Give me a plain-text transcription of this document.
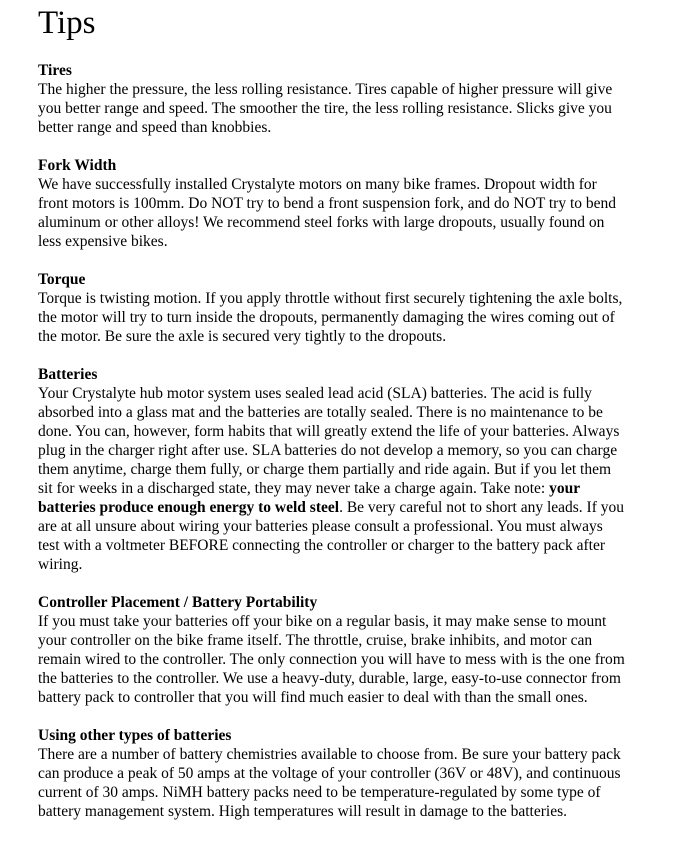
Tips
Tires

The higher the pressure, the less rolling resistance. Tires capable of higher pressure will give you better range and speed. The smoother the tire, the less rolling resistance. Slicks give you better range and speed than knobbies.

Fork Width

We have successfully installed Crystalyte motors on many bike frames. Dropout width for front motors is 100mm. Do NOT try to bend a front suspension fork, and do NOT try to bend aluminum or other alloys! We recommend steel forks with large dropouts, usually found on less expensive bikes.

Torque

Torque is twisting motion. If you apply throttle without first securely tightening the axle bolts, the motor will try to turn inside the dropouts, permanently damaging the wires coming out of the motor. Be sure the axle is secured very tightly to the dropouts.

Batteries

Your Crystalyte hub motor system uses sealed lead acid (SLA) batteries. The acid is fully absorbed into a glass mat and the batteries are totally sealed. There is no maintenance to be done. You can, however, form habits that will greatly extend the life of your batteries. Always plug in the charger right after use. SLA batteries do not develop a memory, so you can charge them anytime, charge them fully, or charge them partially and ride again. But if you let them sit for weeks in a discharged state, they may never take a charge again. Take note: your batteries produce enough energy to weld steel. Be very careful not to short any leads. If you are at all unsure about wiring your batteries please consult a professional. You must always test with a voltmeter BEFORE connecting the controller or charger to the battery pack after wiring.

Controller Placement / Battery Portability

If you must take your batteries off your bike on a regular basis, it may make sense to mount your controller on the bike frame itself. The throttle, cruise, brake inhibits, and motor can remain wired to the controller. The only connection you will have to mess with is the one from the batteries to the controller. We use a heavy-duty, durable, large, easy-to-use connector from battery pack to controller that you will find much easier to deal with than the small ones.

Using other types of batteries

There are a number of battery chemistries available to choose from. Be sure your battery pack can produce a peak of 50 amps at the voltage of your controller (36V or 48V), and continuous current of 30 amps. NiMH battery packs need to be temperature-regulated by some type of battery management system. High temperatures will result in damage to the batteries.
